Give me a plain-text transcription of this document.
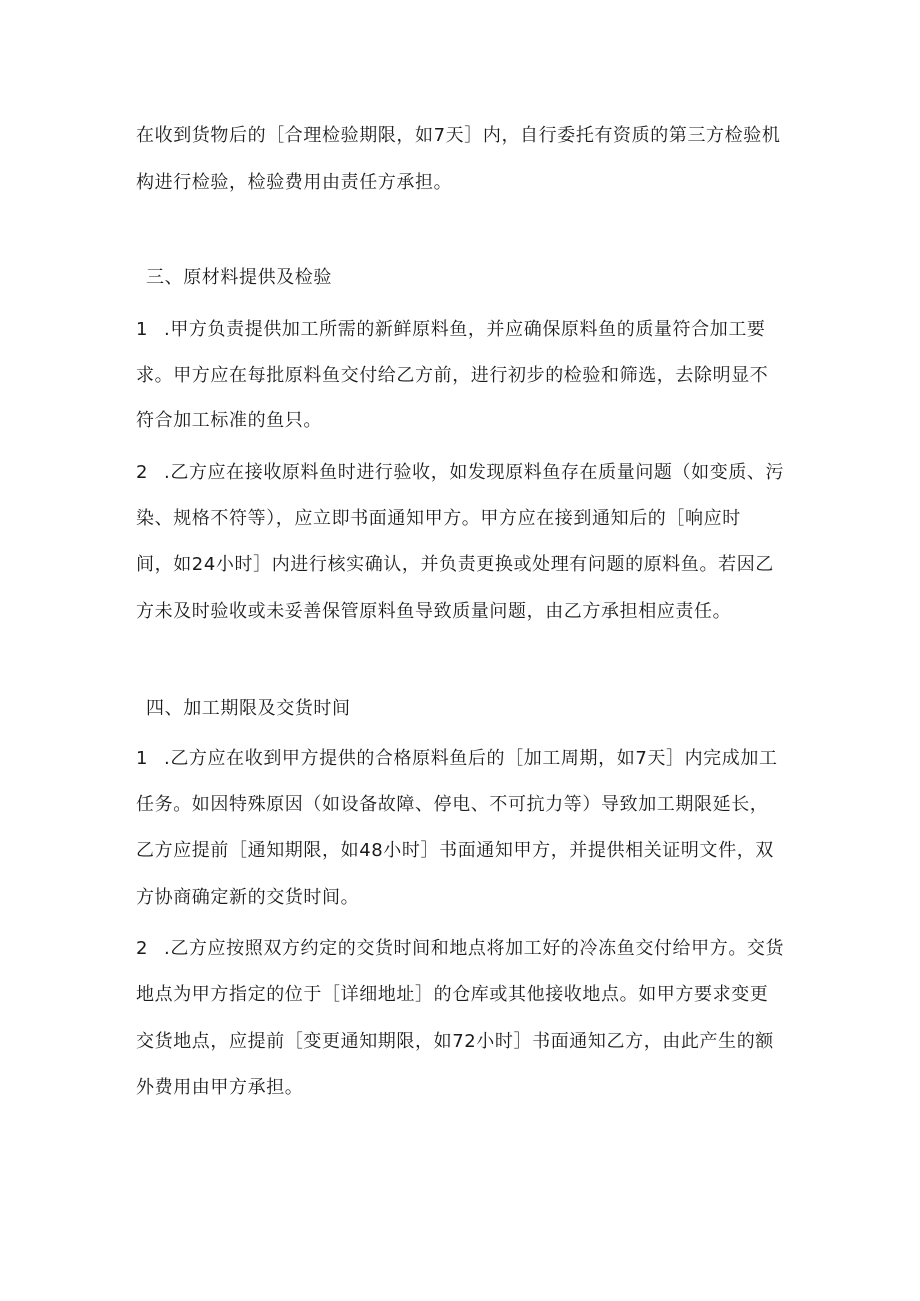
在收到货物后的［合理检验期限，如7天］内，自行委托有资质的第三方检验机
构进行检验，检验费用由责任方承担。
三、原材料提供及检验
1 .甲方负责提供加工所需的新鲜原料鱼，并应确保原料鱼的质量符合加工要
求。甲方应在每批原料鱼交付给乙方前，进行初步的检验和筛选，去除明显不
符合加工标准的鱼只。
2 .乙方应在接收原料鱼时进行验收，如发现原料鱼存在质量问题（如变质、污
染、规格不符等），应立即书面通知甲方。甲方应在接到通知后的［响应时
间，如24小时］内进行核实确认，并负责更换或处理有问题的原料鱼。若因乙
方未及时验收或未妥善保管原料鱼导致质量问题，由乙方承担相应责任。
四、加工期限及交货时间
1 .乙方应在收到甲方提供的合格原料鱼后的［加工周期，如7天］内完成加工
任务。如因特殊原因（如设备故障、停电、不可抗力等）导致加工期限延长，
乙方应提前［通知期限，如48小时］书面通知甲方，并提供相关证明文件，双
方协商确定新的交货时间。
2 .乙方应按照双方约定的交货时间和地点将加工好的冷冻鱼交付给甲方。交货
地点为甲方指定的位于［详细地址］的仓库或其他接收地点。如甲方要求变更
交货地点，应提前［变更通知期限，如72小时］书面通知乙方，由此产生的额
外费用由甲方承担。
